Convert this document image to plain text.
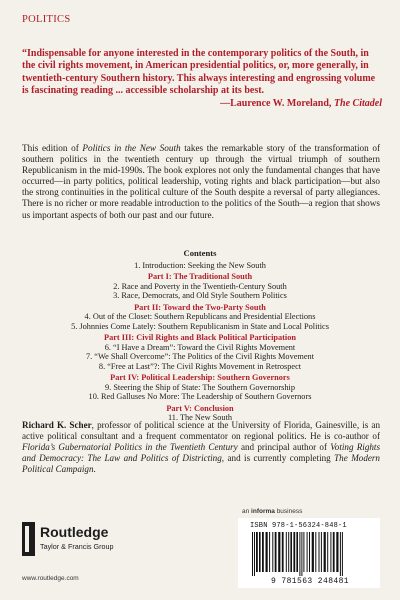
POLITICS
“Indispensable for anyone interested in the contemporary politics of the South, in the civil rights movement, in American presidential politics, or, more generally, in twentieth-century Southern history. This always interesting and engrossing volume is fascinating reading ... accessible scholarship at its best.
—Laurence W. Moreland, The Citadel
This edition of Politics in the New South takes the remarkable story of the transformation of southern politics in the twentieth century up through the virtual triumph of southern Republicanism in the mid-1990s. The book explores not only the fundamental changes that have occurred—in party politics, political leadership, voting rights and black participation—but also the strong continuities in the political culture of the South despite a reversal of party allegiances. There is no richer or more readable introduction to the politics of the South—a region that shows us important aspects of both our past and our future.
Contents
1. Introduction: Seeking the New South
Part I: The Traditional South
2. Race and Poverty in the Twentieth-Century South
3. Race, Democrats, and Old Style Southern Politics
Part II: Toward the Two-Party South
4. Out of the Closet: Southern Republicans and Presidential Elections
5. Johnnies Come Lately: Southern Republicanism in State and Local Politics
Part III: Civil Rights and Black Political Participation
6. “I Have a Dream”: Toward the Civil Rights Movement
7. “We Shall Overcome”: The Politics of the Civil Rights Movement
8. “Free at Last”?: The Civil Rights Movement in Retrospect
Part IV: Political Leadership: Southern Governors
9. Steering the Ship of State: The Southern Governorship
10. Red Galluses No More: The Leadership of Southern Governors
Part V: Conclusion
11. The New South
Richard K. Scher, professor of political science at the University of Florida, Gainesville, is an active political consultant and a frequent commentator on regional politics. He is co-author of Florida’s Gubernatorial Politics in the Twentieth Century and principal author of Voting Rights and Democracy: The Law and Politics of Districting, and is currently completing The Modern Political Campaign.
Routledge
Taylor & Francis Group
www.routledge.com
an informa business
ISBN 978-1-56324-848-1
9 781563 248481
